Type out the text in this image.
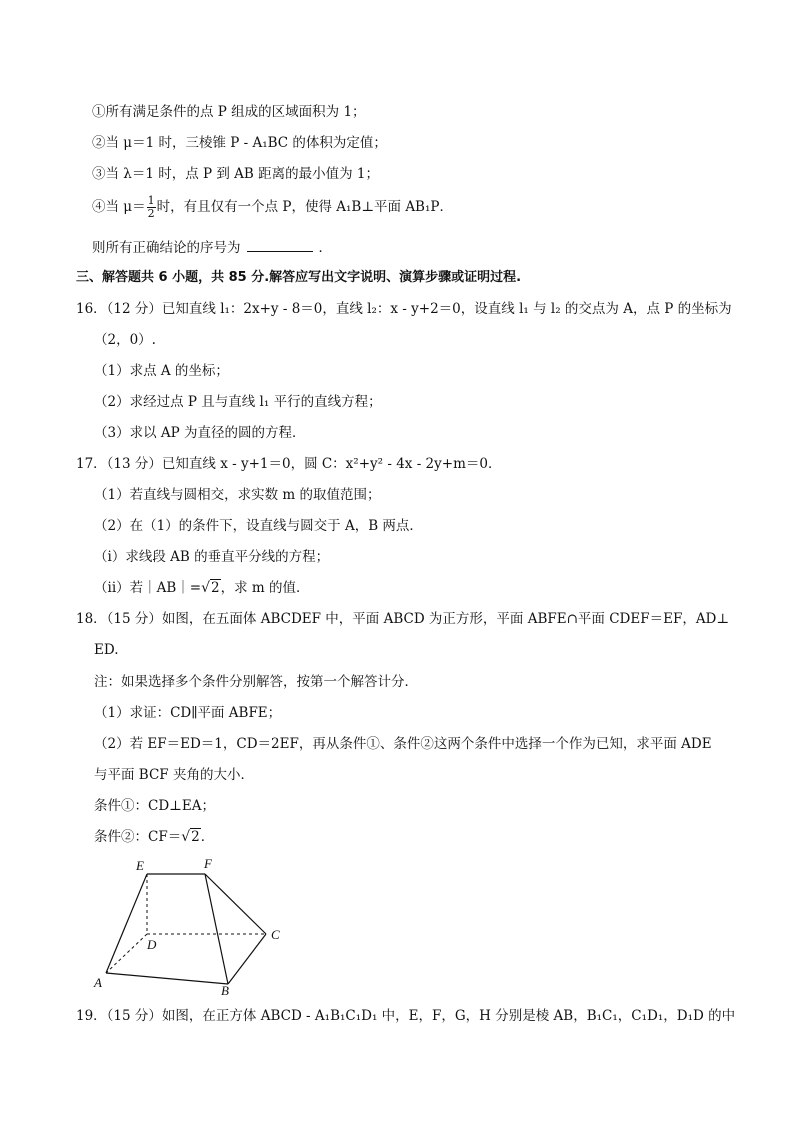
①所有满足条件的点 P 组成的区域面积为 1；
②当 μ＝1 时，三棱锥 P - A₁BC 的体积为定值；
③当 λ＝1 时，点 P 到 AB 距离的最小值为 1；
④当 $\mu= \frac{1}{2}$ 时，有且仅有一个点 P，使得 A₁B⊥平面 AB₁P．
则所有正确结论的序号为	．
三、解答题共 6 小题，共 85 分.解答应写出文字说明、演算步骤或证明过程.
16．（12 分）已知直线 l₁：2x+y - 8＝0，直线 l₂：x - y+2＝0，设直线 l₁ 与 l₂ 的交点为 A，点 P 的坐标为
（2，0）.
（1）求点 A 的坐标；
（2）求经过点 P 且与直线 l₁ 平行的直线方程；
（3）求以 AP 为直径的圆的方程．
17．（13 分）已知直线 x - y+1＝0，圆 C：x²+y² - 4x - 2y+m＝0．
（1）若直线与圆相交，求实数 m 的取值范围；
（2）在（1）的条件下，设直线与圆交于 A，B 两点．
（i）求线段 AB 的垂直平分线的方程；
（ii）若｜AB｜=√2，求 m 的值．
18．（15 分）如图，在五面体 ABCDEF 中，平面 ABCD 为正方形，平面 ABFE∩平面 CDEF＝EF，AD⊥
ED.
注：如果选择多个条件分别解答，按第一个解答计分．
（1）求证：CD∥平面 ABFE；
（2）若 EF＝ED＝1，CD＝2EF，再从条件①、条件②这两个条件中选择一个作为已知，求平面 ADE
与平面 BCF 夹角的大小．
条件①：CD⊥EA；
条件②：CF＝√2．
E	F
D
C
A
B
19．（15 分）如图，在正方体 ABCD - A₁B₁C₁D₁ 中，E，F，G，H 分别是棱 AB，B₁C₁，C₁D₁，D₁D 的中
